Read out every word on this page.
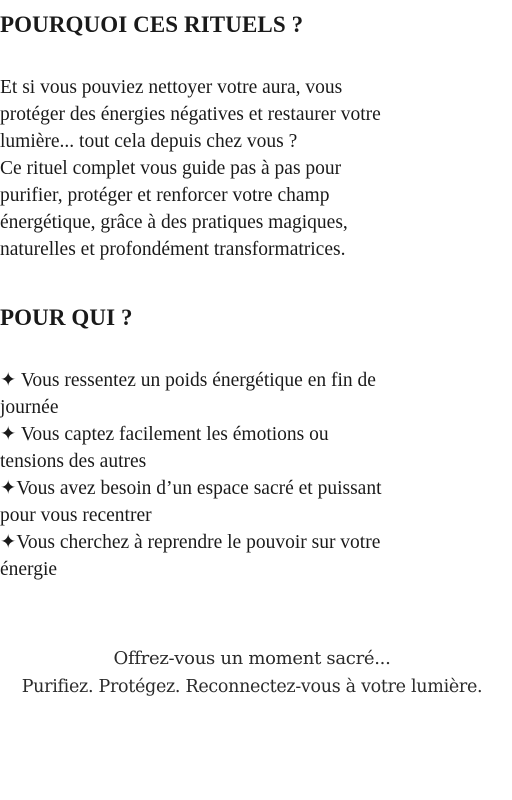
POURQUOI CES RITUELS ?

Et si vous pouviez nettoyer votre aura, vous
protéger des énergies négatives et restaurer votre
lumière... tout cela depuis chez vous ?
Ce rituel complet vous guide pas à pas pour
purifier, protéger et renforcer votre champ
énergétique, grâce à des pratiques magiques,
naturelles et profondément transformatrices.

POUR QUI ?
✦ Vous ressentez un poids énergétique en fin de
journée
✦ Vous captez facilement les émotions ou
tensions des autres
✦Vous avez besoin d’un espace sacré et puissant
pour vous recentrer
✦Vous cherchez à reprendre le pouvoir sur votre
énergie
Offrez-vous un moment sacré...
Purifiez. Protégez. Reconnectez-vous à votre lumière.
